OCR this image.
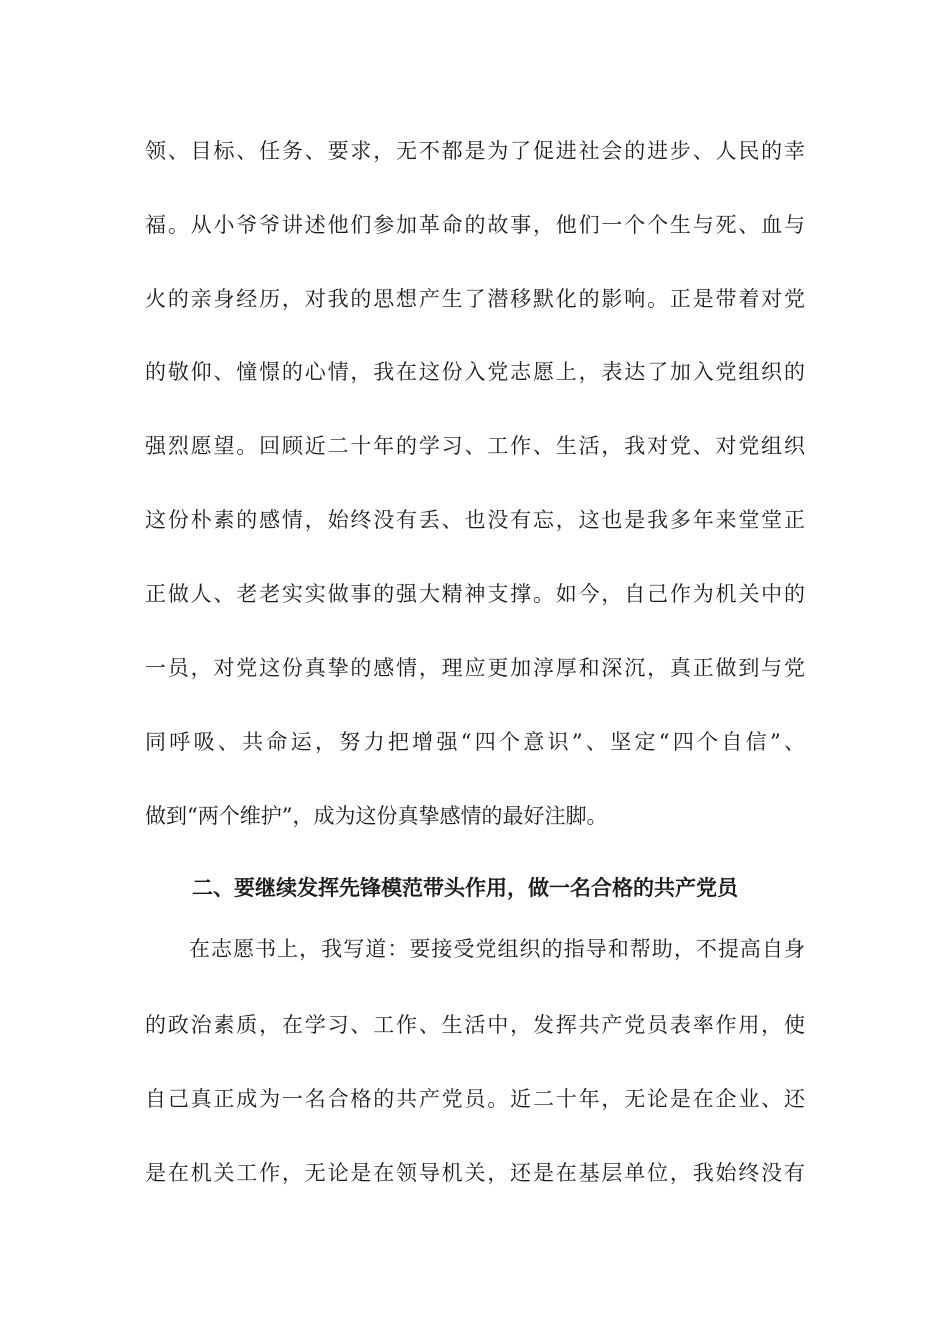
领、目标、任务、要求，无不都是为了促进社会的进步、人民的幸
福。从小爷爷讲述他们参加革命的故事，他们一个个生与死、血与
火的亲身经历，对我的思想产生了潜移默化的影响。正是带着对党
的敬仰、憧憬的心情，我在这份入党志愿上，表达了加入党组织的
强烈愿望。回顾近二十年的学习、工作、生活，我对党、对党组织
这份朴素的感情，始终没有丢、也没有忘，这也是我多年来堂堂正
正做人、老老实实做事的强大精神支撑。如今，自己作为机关中的
一员，对党这份真挚的感情，理应更加淳厚和深沉，真正做到与党
同呼吸、共命运，努力把增强“四个意识”、坚定“四个自信”、
做到“两个维护”，成为这份真挚感情的最好注脚。
二、要继续发挥先锋模范带头作用，做一名合格的共产党员
在志愿书上，我写道：要接受党组织的指导和帮助，不提高自身
的政治素质，在学习、工作、生活中，发挥共产党员表率作用，使
自己真正成为一名合格的共产党员。近二十年，无论是在企业、还
是在机关工作，无论是在领导机关，还是在基层单位，我始终没有
